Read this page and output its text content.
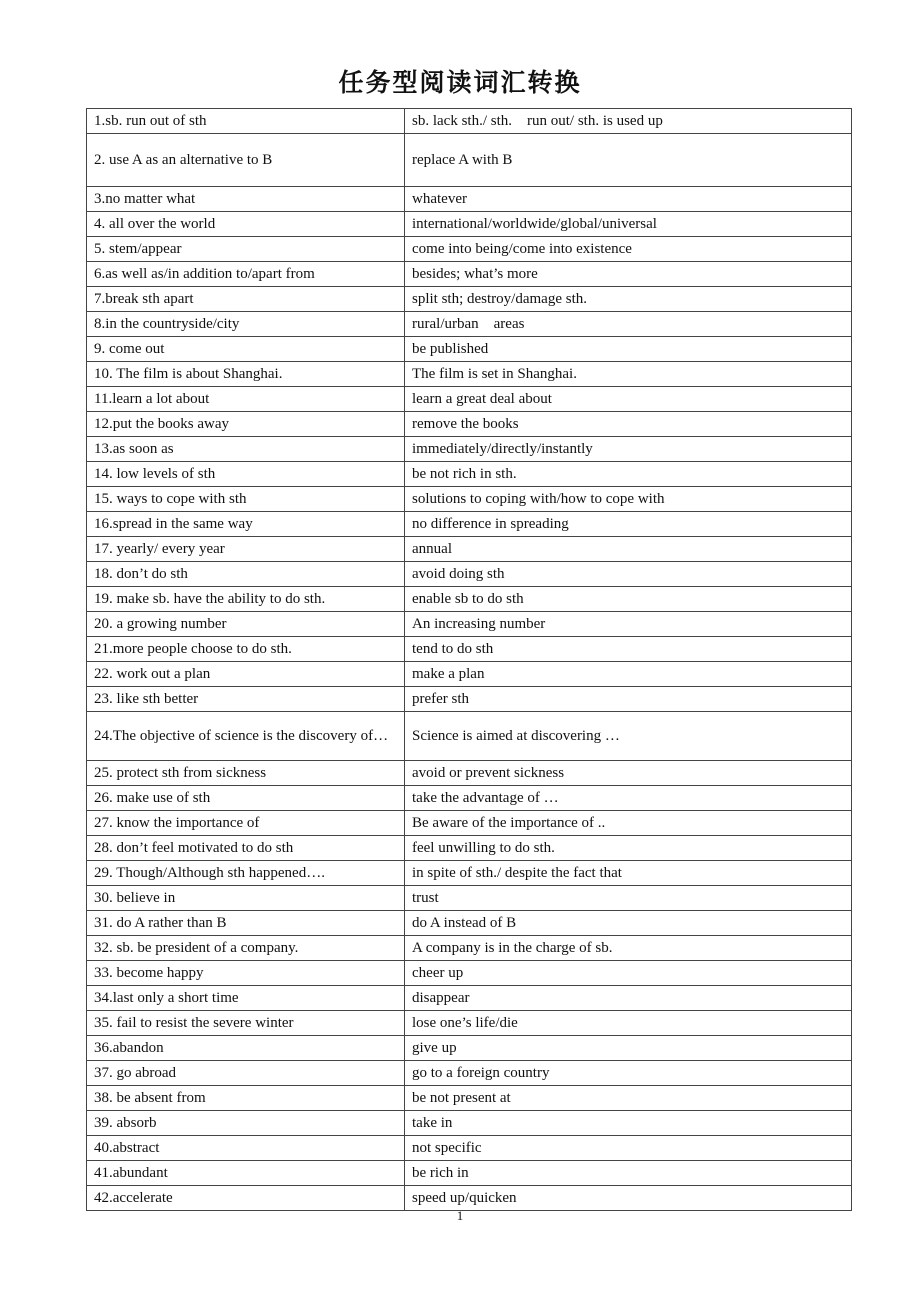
任务型阅读词汇转换
1.sb. run out of sth	sb. lack sth./ sth.　run out/ sth. is used up
2. use A as an alternative to B	replace A with B
3.no matter what	whatever
4. all over the world	international/worldwide/global/universal
5. stem/appear	come into being/come into existence
6.as well as/in addition to/apart from	besides; what’s more
7.break sth apart	split sth; destroy/damage sth.
8.in the countryside/city	rural/urban　areas
9. come out	be published
10. The film is about Shanghai.	The film is set in Shanghai.
11.learn a lot about	learn a great deal about
12.put the books away	remove the books
13.as soon as	immediately/directly/instantly
14. low levels of sth	be not rich in sth.
15. ways to cope with sth	solutions to coping with/how to cope with
16.spread in the same way	no difference in spreading
17. yearly/ every year	annual
18. don’t do sth	avoid doing sth
19. make sb. have the ability to do sth.	enable sb to do sth
20. a growing number	An increasing number
21.more people choose to do sth.	tend to do sth
22. work out a plan	make a plan
23. like sth better	prefer sth
24.The objective of science is the discovery of…	Science is aimed at discovering …
25. protect sth from sickness	avoid or prevent sickness
26. make use of sth	take the advantage of …
27. know the importance of	Be aware of the importance of ..
28. don’t feel motivated to do sth	feel unwilling to do sth.
29. Though/Although sth happened….	in spite of sth./ despite the fact that
30. believe in	trust
31. do A rather than B	do A instead of B
32. sb. be president of a company.	A company is in the charge of sb.
33. become happy	cheer up
34.last only a short time	disappear
35. fail to resist the severe winter	lose one’s life/die
36.abandon	give up
37. go abroad	go to a foreign country
38. be absent from	be not present at
39. absorb	take in
40.abstract	not specific
41.abundant	be rich in
42.accelerate	speed up/quicken
1
